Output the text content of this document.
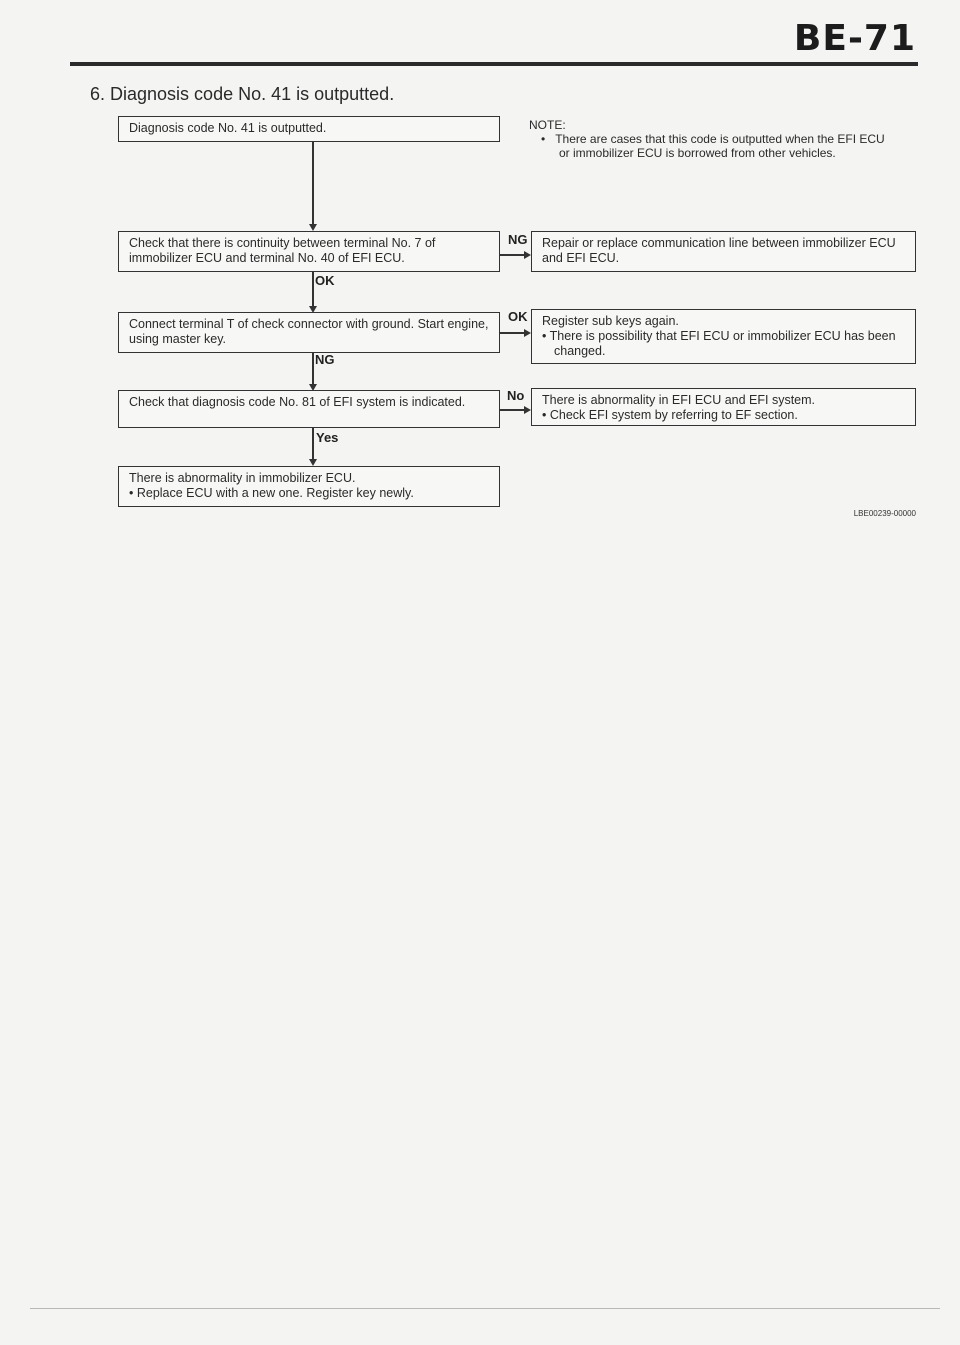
BE-71
6. Diagnosis code No. 41 is outputted.

NOTE:

• There are cases that this code is outputted when the EFI ECU or immobilizer ECU is borrowed from other vehicles.

Diagnosis code No. 41 is outputted.

Check that there is continuity between terminal No. 7 of immobilizer ECU and terminal No. 40 of EFI ECU.

NG Repair or replace communication line between immobilizer ECU and EFI ECU.

OK

Connect terminal T of check connector with ground. Start engine, using master key.

OK Register sub keys again.

• There is possibility that EFI ECU or immobilizer ECU has been changed.

NG

Check that diagnosis code No. 81 of EFI system is indicated.	No There is abnormality in EFI ECU and EFI system.

• Check EFI system by referring to EF section.

Yes

There is abnormality in immobilizer ECU.

• Replace ECU with a new one. Register key newly.

LBE00239-00000
